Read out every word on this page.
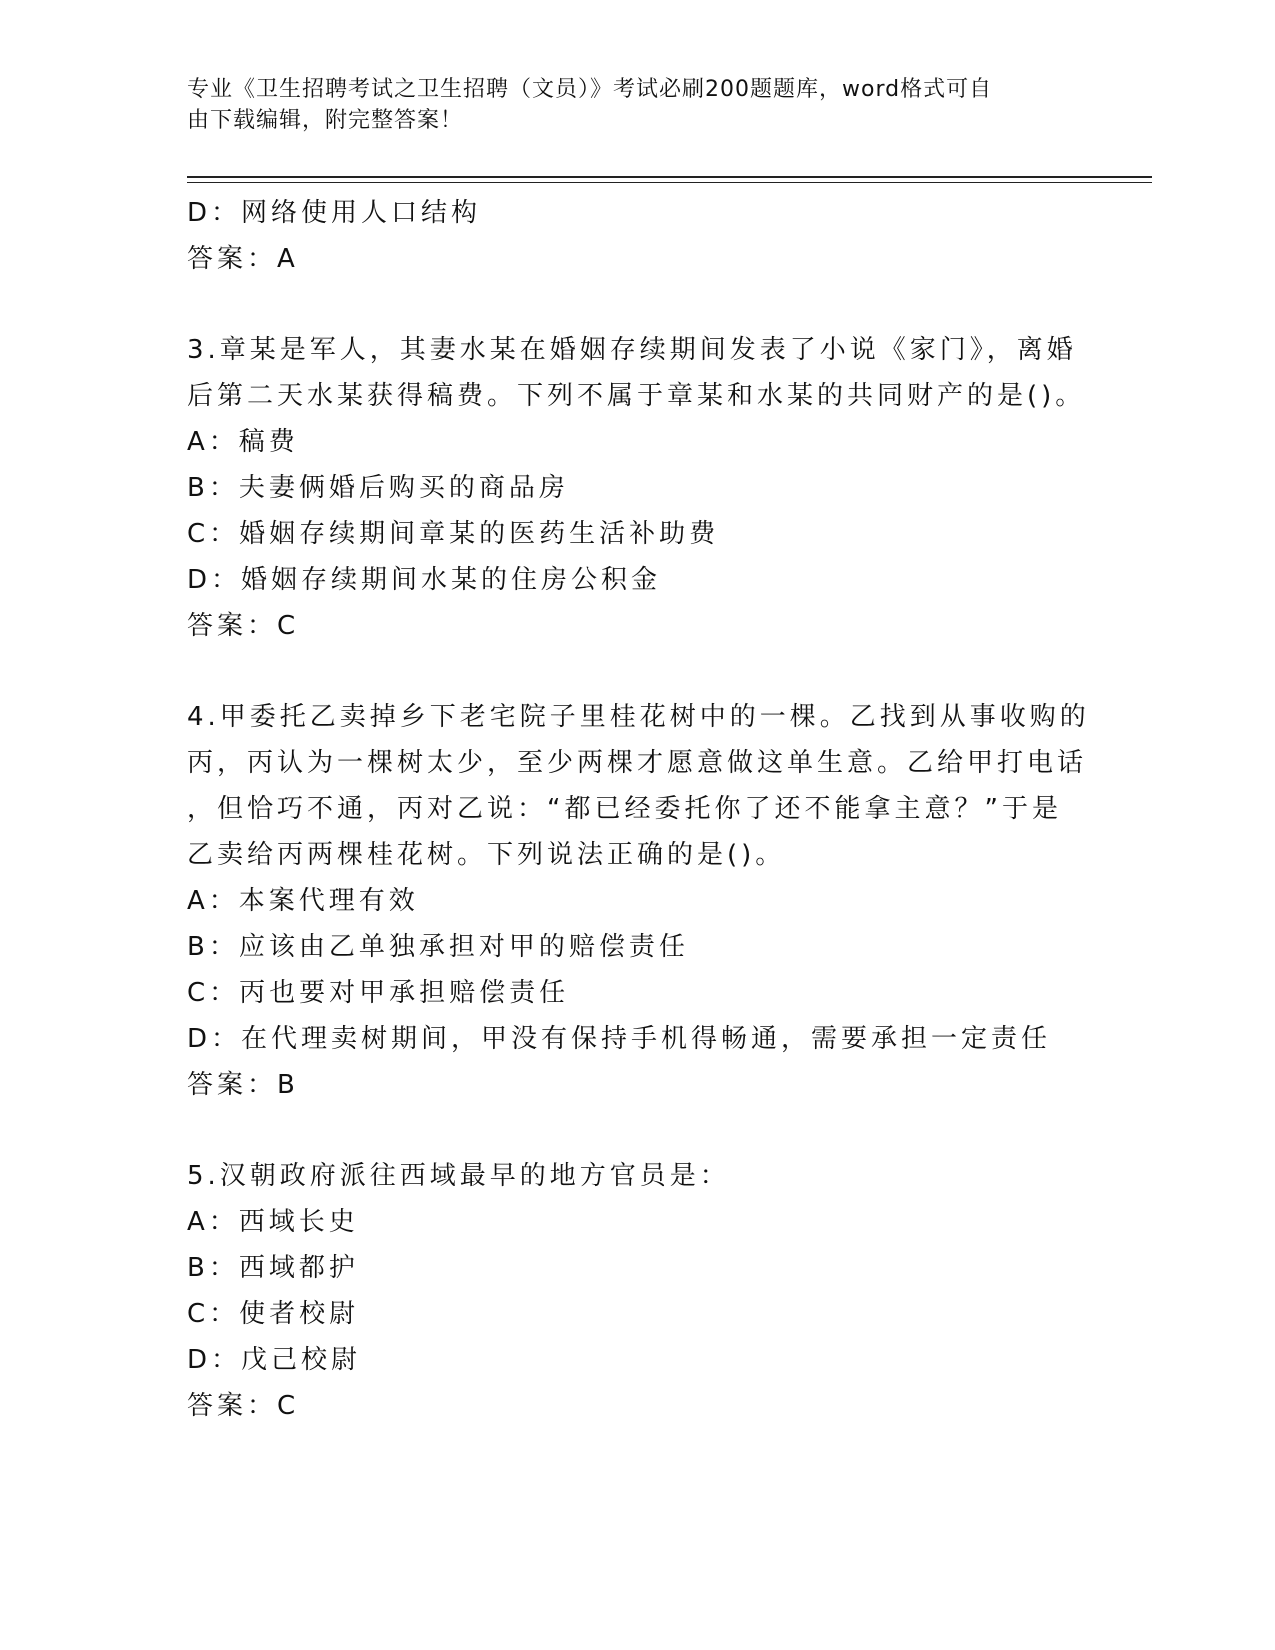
专业《卫生招聘考试之卫生招聘（文员）》考试必刷200题题库，word格式可自
由下载编辑，附完整答案！
D：网络使用人口结构
答案：A
3.章某是军人，其妻水某在婚姻存续期间发表了小说《家门》，离婚
后第二天水某获得稿费。下列不属于章某和水某的共同财产的是()。
A：稿费
B：夫妻俩婚后购买的商品房
C：婚姻存续期间章某的医药生活补助费
D：婚姻存续期间水某的住房公积金
答案：C
4.甲委托乙卖掉乡下老宅院子里桂花树中的一棵。乙找到从事收购的
丙，丙认为一棵树太少，至少两棵才愿意做这单生意。乙给甲打电话
，但恰巧不通，丙对乙说：“都已经委托你了还不能拿主意？”于是
乙卖给丙两棵桂花树。下列说法正确的是()。
A：本案代理有效
B：应该由乙单独承担对甲的赔偿责任
C：丙也要对甲承担赔偿责任
D：在代理卖树期间，甲没有保持手机得畅通，需要承担一定责任
答案：B
5.汉朝政府派往西域最早的地方官员是：
A：西域长史
B：西域都护
C：使者校尉
D：戊己校尉
答案：C
